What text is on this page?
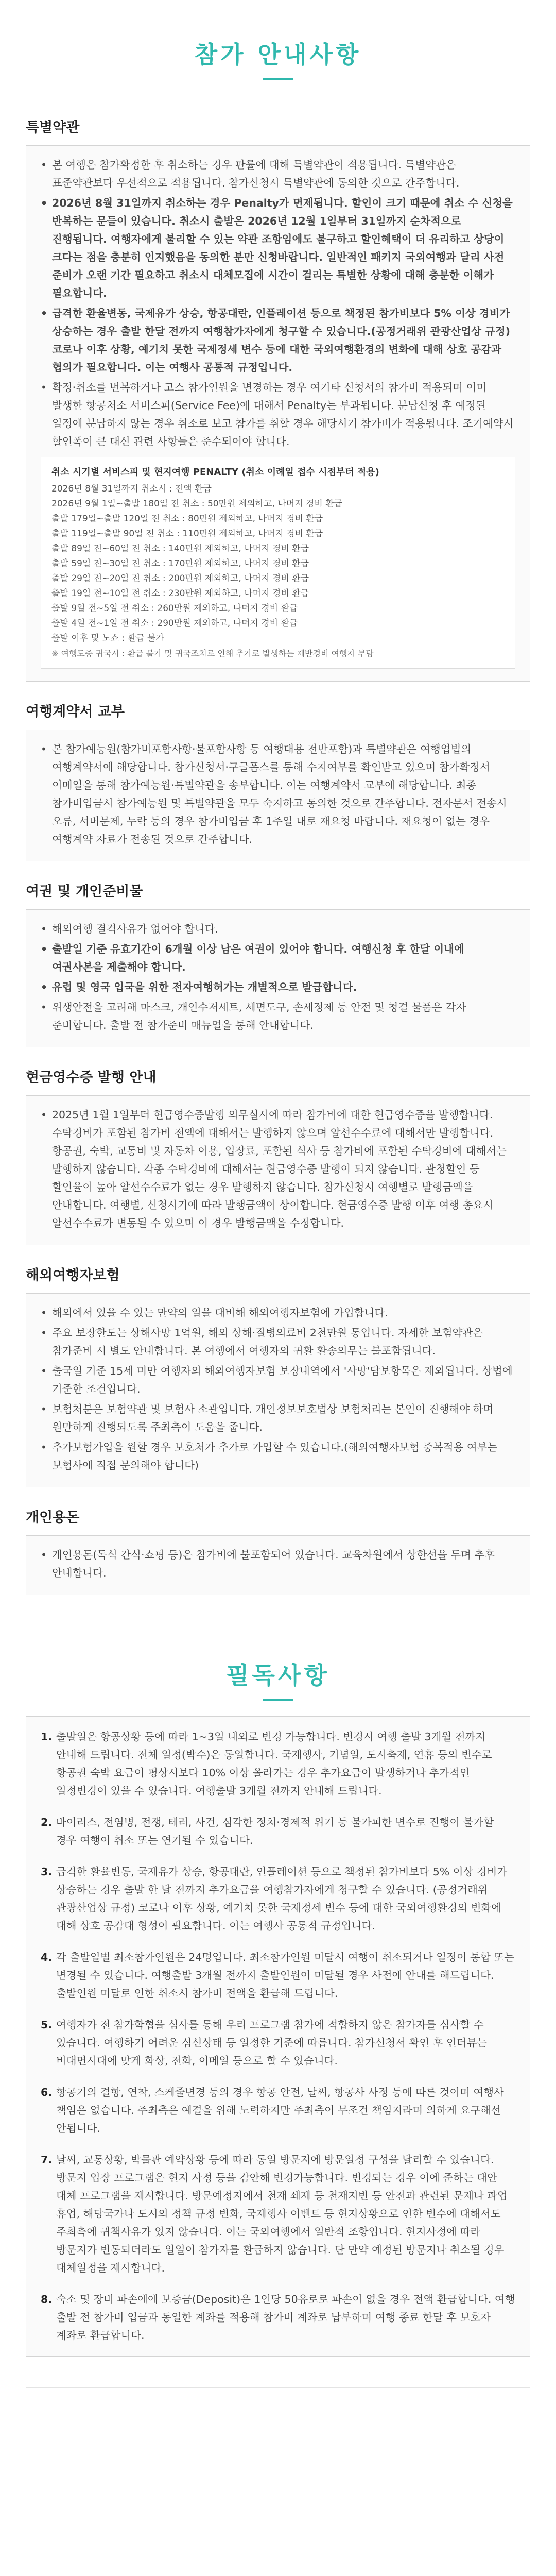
참가 안내사항
특별약관
• 본 여행은 참가확정한 후 취소하는 경우 판률에 대해 특별약관이 적용됩니다. 특별약관은 표준약관보다 우선적으로 적용됩니다. 참가신청시 특별약관에 동의한 것으로 간주합니다.
• 2026년 8월 31일까지 취소하는 경우 Penalty가 면제됩니다. 할인이 크기 때문에 취소 수 신청을 반복하는 문들이 있습니다. 취소시 출발은 2026년 12월 1일부터 31일까지 순차적으로 진행됩니다. 여행자에게 불리할 수 있는 약관 조항임에도 불구하고 할인혜택이 더 유리하고 상당이 크다는 점을 충분히 인지했음을 동의한 분만 신청바랍니다. 일반적인 패키지 국외여행과 달리 사전 준비가 오랜 기간 필요하고 취소시 대체모집에 시간이 걸리는 특별한 상황에 대해 충분한 이해가 필요합니다.
• 급격한 환율변동, 국제유가 상승, 항공대란, 인플레이션 등으로 책정된 참가비보다 5% 이상 경비가 상승하는 경우 출발 한달 전까지 여행참가자에게 청구할 수 있습니다.(공정거래위 관광산업상 규정) 코로나 이후 상황, 예기치 못한 국제정세 변수 등에 대한 국외여행환경의 변화에 대해 상호 공감과 협의가 필요합니다. 이는 여행사 공통적 규정입니다.
• 확정·취소를 번복하거나 고스 참가인원을 변경하는 경우 여기타 신청서의 참가비 적용되며 이미 발생한 항공처소 서비스피(Service Fee)에 대해서 Penalty는 부과됩니다. 분납신청 후 예정된 일정에 분납하지 않는 경우 취소로 보고 참가를 취할 경우 해당시기 참가비가 적용됩니다. 조기예약시 할인폭이 큰 대신 관련 사항들은 준수되어야 합니다.
취소 시기별 서비스피 및 현지여행 PENALTY (취소 이례일 접수 시점부터 적용)
2026년 8월 31일까지 취소시 : 전액 환급
2026년 9월 1일~출발 180일 전 취소 : 50만원 제외하고, 나머지 경비 환급
출발 179일~출발 120일 전 취소 : 80만원 제외하고, 나머지 경비 환급
출발 119일~출발 90일 전 취소 : 110만원 제외하고, 나머지 경비 환급
출발 89일 전~60일 전 취소 : 140만원 제외하고, 나머지 경비 환급
출발 59일 전~30일 전 취소 : 170만원 제외하고, 나머지 경비 환급
출발 29일 전~20일 전 취소 : 200만원 제외하고, 나머지 경비 환급
출발 19일 전~10일 전 취소 : 230만원 제외하고, 나머지 경비 환급
출발 9일 전~5일 전 취소 : 260만원 제외하고, 나머지 경비 환급
출발 4일 전~1일 전 취소 : 290만원 제외하고, 나머지 경비 환급
출발 이후 및 노쇼 : 환급 불가
※ 여행도중 귀국시 : 환급 불가 및 귀국조치로 인해 추가로 발생하는 제반경비 여행자 부담
여행계약서 교부
• 본 참가예능원(참가비포함사항·불포함사항 등 여행대용 전반포함)과 특별약관은 여행업법의 여행계약서에 해당합니다. 참가신청서·구글폼스를 통해 수지여부를 확인받고 있으며 참가확정서 이메일을 통해 참가예능원·특별약관을 송부합니다. 이는 여행계약서 교부에 해당합니다. 최종 참가비입금시 참가예능원 및 특별약관을 모두 숙지하고 동의한 것으로 간주합니다. 전자문서 전송시 오류, 서버문제, 누락 등의 경우 참가비입금 후 1주일 내로 재요청 바랍니다. 재요청이 없는 경우 여행계약 자료가 전송된 것으로 간주합니다.
여권 및 개인준비물
• 해외여행 결격사유가 없어야 합니다.
• 출발일 기준 유효기간이 6개월 이상 남은 여권이 있어야 합니다. 여행신청 후 한달 이내에 여권사본을 제출해야 합니다.
• 유럽 및 영국 입국을 위한 전자여행허가는 개별적으로 발급합니다.
• 위생안전을 고려해 마스크, 개인수저세트, 세면도구, 손세정제 등 안전 및 청결 물품은 각자 준비합니다. 출발 전 참가준비 매뉴얼을 통해 안내합니다.
현금영수증 발행 안내
• 2025년 1월 1일부터 현금영수증발행 의무실시에 따라 참가비에 대한 현금영수증을 발행합니다. 수탁경비가 포함된 참가비 전액에 대해서는 발행하지 않으며 알선수수료에 대해서만 발행합니다. 항공권, 숙박, 교통비 및 자동차 이용, 입장료, 포함된 식사 등 참가비에 포함된 수탁경비에 대해서는 발행하지 않습니다. 각종 수탁경비에 대해서는 현금영수증 발행이 되지 않습니다. 관청할인 등 할인율이 높아 알선수수료가 없는 경우 발행하지 않습니다. 참가신청시 여행별로 발행금액을 안내합니다. 여행별, 신청시기에 따라 발행금액이 상이합니다. 현금영수증 발행 이후 여행 총요시 알선수수료가 변동될 수 있으며 이 경우 발행금액을 수정합니다.
해외여행자보험
• 해외에서 있을 수 있는 만약의 일을 대비해 해외여행자보험에 가입합니다.
• 주요 보장한도는 상해사망 1억원, 해외 상해·질병의료비 2천만원 통입니다. 자세한 보험약관은 참가준비 시 별도 안내합니다. 본 여행에서 여행자의 귀환 환송의무는 불포함됩니다.
• 출국일 기준 15세 미만 여행자의 해외여행자보험 보장내역에서 '사망'담보항목은 제외됩니다. 상법에 기준한 조건입니다.
• 보험처분은 보험약관 및 보험사 소관입니다. 개인정보보호법상 보험처리는 본인이 진행해야 하며 원만하게 진행되도록 주최측이 도움을 줍니다.
• 추가보험가입을 원할 경우 보호처가 추가로 가입할 수 있습니다.(해외여행자보험 중복적용 여부는 보험사에 직접 문의해야 합니다)
개인용돈
• 개인용돈(독식 간식·쇼핑 등)은 참가비에 불포함되어 있습니다. 교육차원에서 상한선을 두며 추후 안내합니다.
필독사항
1. 출발일은 항공상황 등에 따라 1~3일 내외로 변경 가능합니다. 변경시 여행 출발 3개월 전까지 안내해 드립니다. 전체 일정(박수)은 동일합니다. 국제행사, 기념일, 도시축제, 연휴 등의 변수로 항공권 숙박 요금이 평상시보다 10% 이상 올라가는 경우 추가요금이 발생하거나 추가적인 일정변경이 있을 수 있습니다. 여행출발 3개월 전까지 안내해 드립니다.
2. 바이러스, 전염병, 전쟁, 테러, 사건, 심각한 정치·경제적 위기 등 불가피한 변수로 진행이 불가할 경우 여행이 취소 또는 연기될 수 있습니다.
3. 급격한 환율변동, 국제유가 상승, 항공대란, 인플레이션 등으로 책정된 참가비보다 5% 이상 경비가 상승하는 경우 출발 한 달 전까지 추가요금을 여행참가자에게 청구할 수 있습니다. (공정거래위 관광산업상 규정) 코로나 이후 상황, 예기치 못한 국제정세 변수 등에 대한 국외여행환경의 변화에 대해 상호 공감대 형성이 필요합니다. 이는 여행사 공통적 규정입니다.
4. 각 출발일별 최소참가인원은 24명입니다. 최소참가인원 미달시 여행이 취소되거나 일정이 통합 또는 변경될 수 있습니다. 여행출발 3개월 전까지 출발인원이 미달될 경우 사전에 안내를 해드립니다. 출발인원 미달로 인한 취소시 참가비 전액을 환급해 드립니다.
5. 여행자가 전 참가학협을 심사를 통해 우리 프로그램 참가에 적합하지 않은 참가자를 심사할 수 있습니다. 여행하기 어려운 심신상태 등 일정한 기준에 따릅니다. 참가신청서 확인 후 인터뷰는 비대면시대에 맞게 화상, 전화, 이메일 등으로 할 수 있습니다.
6. 항공기의 결항, 연착, 스케줄변경 등의 경우 항공 안전, 날씨, 항공사 사정 등에 따른 것이며 여행사 책임은 없습니다. 주최측은 예결을 위해 노력하지만 주최측이 무조건 책임지라며 의하게 요구해선 안됩니다.
7. 날씨, 교통상황, 박물관 예약상황 등에 따라 동일 방문지에 방문일정 구성을 달리할 수 있습니다. 방문지 입장 프로그램은 현지 사정 등을 감안해 변경가능합니다. 변경되는 경우 이에 준하는 대안 대체 프로그램을 제시합니다. 방문예정지에서 천재 쇄제 등 천재지변 등 안전과 관련된 문제나 파업 휴업, 해당국가나 도시의 정책 규정 변화, 국제행사 이벤트 등 현지상황으로 인한 변수에 대해서도 주최측에 귀책사유가 있지 않습니다. 이는 국외여행에서 일반적 조항입니다. 현지사정에 따라 방문지가 변동되더라도 일일이 참가자를 환급하지 않습니다. 단 만약 예정된 방문지나 취소될 경우 대체일정을 제시합니다.
8. 숙소 및 장비 파손에에 보증금(Deposit)은 1인당 50유로로 파손이 없을 경우 전액 환급합니다. 여행 출발 전 참가비 입금과 동일한 계좌를 적용해 참가비 계좌로 납부하며 여행 종료 한달 후 보호자 계좌로 환급합니다.
